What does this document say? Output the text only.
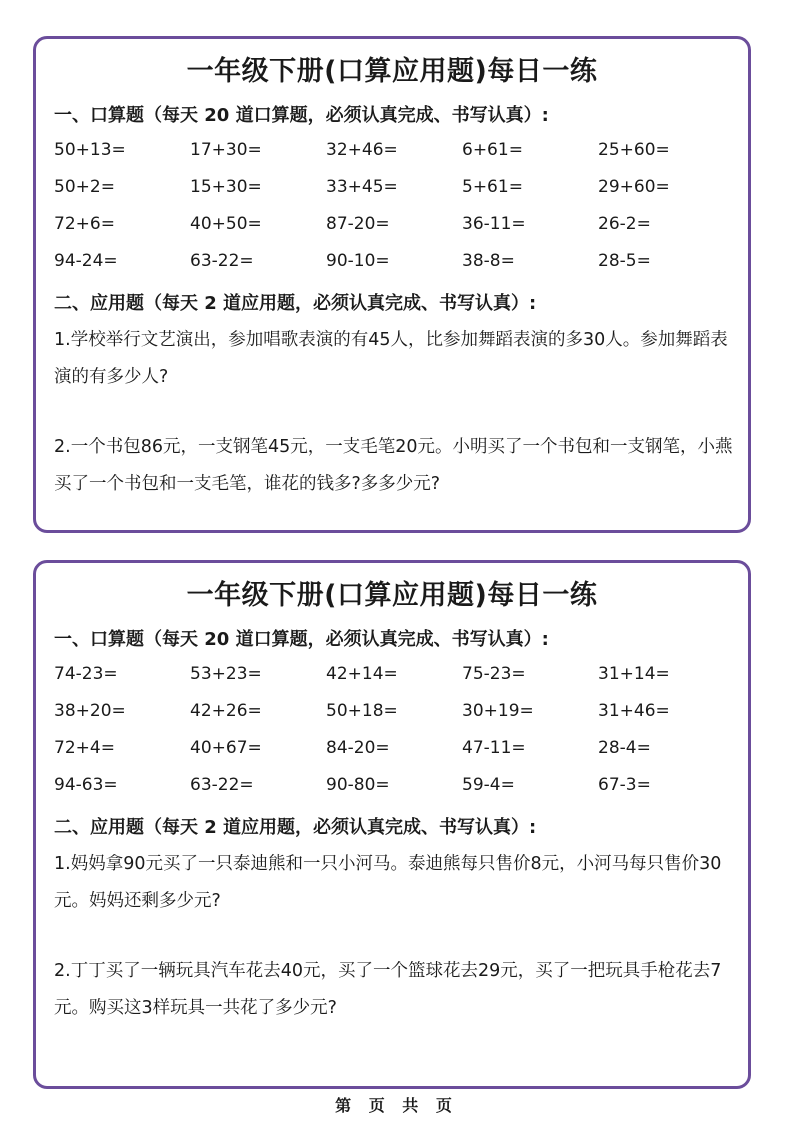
一年级下册(口算应用题)每日一练
一、口算题（每天 20 道口算题，必须认真完成、书写认真）:
50+13=	17+30=	32+46=	6+61=	25+60=
50+2=	15+30=	33+45=	5+61=	29+60=
72+6=	40+50=	87-20=	36-11=	26-2=
94-24=	63-22=	90-10=	38-8=	28-5=
二、应用题（每天 2 道应用题，必须认真完成、书写认真）:
1.学校举行文艺演出，参加唱歌表演的有45人，比参加舞蹈表演的多30人。参加舞蹈表演的有多少人?
2.一个书包86元，一支钢笔45元，一支毛笔20元。小明买了一个书包和一支钢笔，小燕买了一个书包和一支毛笔，谁花的钱多?多多少元?
一年级下册(口算应用题)每日一练
一、口算题（每天 20 道口算题，必须认真完成、书写认真）:
74-23=	53+23=	42+14=	75-23=	31+14=
38+20=	42+26=	50+18=	30+19=	31+46=
72+4=	40+67=	84-20=	47-11=	28-4=
94-63=	63-22=	90-80=	59-4=	67-3=
二、应用题（每天 2 道应用题，必须认真完成、书写认真）:
1.妈妈拿90元买了一只泰迪熊和一只小河马。泰迪熊每只售价8元，小河马每只售价30元。妈妈还剩多少元?
2.丁丁买了一辆玩具汽车花去40元，买了一个篮球花去29元，买了一把玩具手枪花去7元。购买这3样玩具一共花了多少元?
第 页 共 页
